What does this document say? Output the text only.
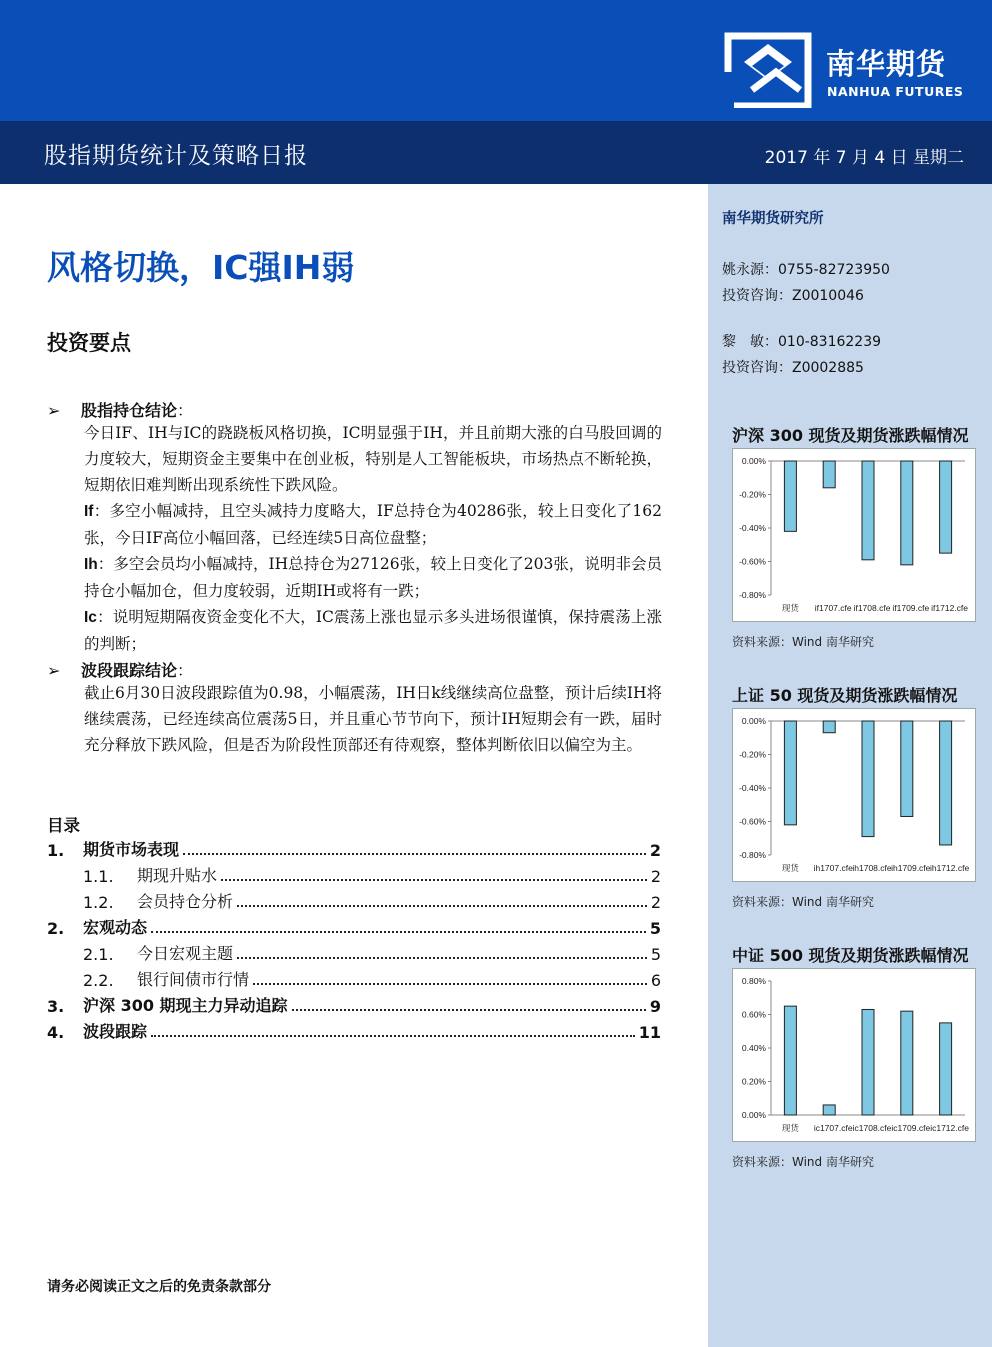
南华期货
NANHUA FUTURES
股指期货统计及策略日报	2017 年 7 月 4 日 星期二
南华期货研究所
姚永源：0755-82723950
投资咨询：Z0010046
黎　敏：010-83162239
投资咨询：Z0002885
风格切换，IC强IH弱
投资要点
➢ 股指持仓结论：
今日IF、IH与IC的跷跷板风格切换，IC明显强于IH，并且前期大涨的白马股回调的力度较大，短期资金主要集中在创业板，特别是人工智能板块，市场热点不断轮换，短期依旧难判断出现系统性下跌风险。
If：多空小幅减持，且空头减持力度略大，IF总持仓为40286张，较上日变化了162张，今日IF高位小幅回落，已经连续5日高位盘整；
Ih：多空会员均小幅减持，IH总持仓为27126张，较上日变化了203张，说明非会员持仓小幅加仓，但力度较弱，近期IH或将有一跌；
Ic：说明短期隔夜资金变化不大，IC震荡上涨也显示多头进场很谨慎，保持震荡上涨的判断；
➢ 波段跟踪结论：
截止6月30日波段跟踪值为0.98，小幅震荡，IH日k线继续高位盘整，预计后续IH将继续震荡，已经连续高位震荡5日，并且重心节节向下，预计IH短期会有一跌，届时充分释放下跌风险，但是否为阶段性顶部还有待观察，整体判断依旧以偏空为主。
目录
1.	期货市场表现	2
1.1.	期现升贴水	2
1.2.	会员持仓分析	2
2.	宏观动态	5
2.1.	今日宏观主题	5
2.2.	银行间债市行情	6
3.	沪深 300 期现主力异动追踪	9
4.	波段跟踪	11
请务必阅读正文之后的免责条款部分
沪深 300 现货及期货涨跌幅情况
0.00%
-0.20%
-0.40%
-0.60%
-0.80%
现货 if1707.cfe if1708.cfe if1709.cfe if1712.cfe
资料来源：Wind 南华研究
上证 50 现货及期货涨跌幅情况
0.00%
-0.20%
-0.40%
-0.60%
-0.80%
现货 ih1707.cfe ih1708.cfe ih1709.cfe ih1712.cfe
资料来源：Wind 南华研究
中证 500 现货及期货涨跌幅情况
0.80%
0.60%
0.40%
0.20%
0.00%
现货 ic1707.cfe ic1708.cfe ic1709.cfe ic1712.cfe
资料来源：Wind 南华研究
